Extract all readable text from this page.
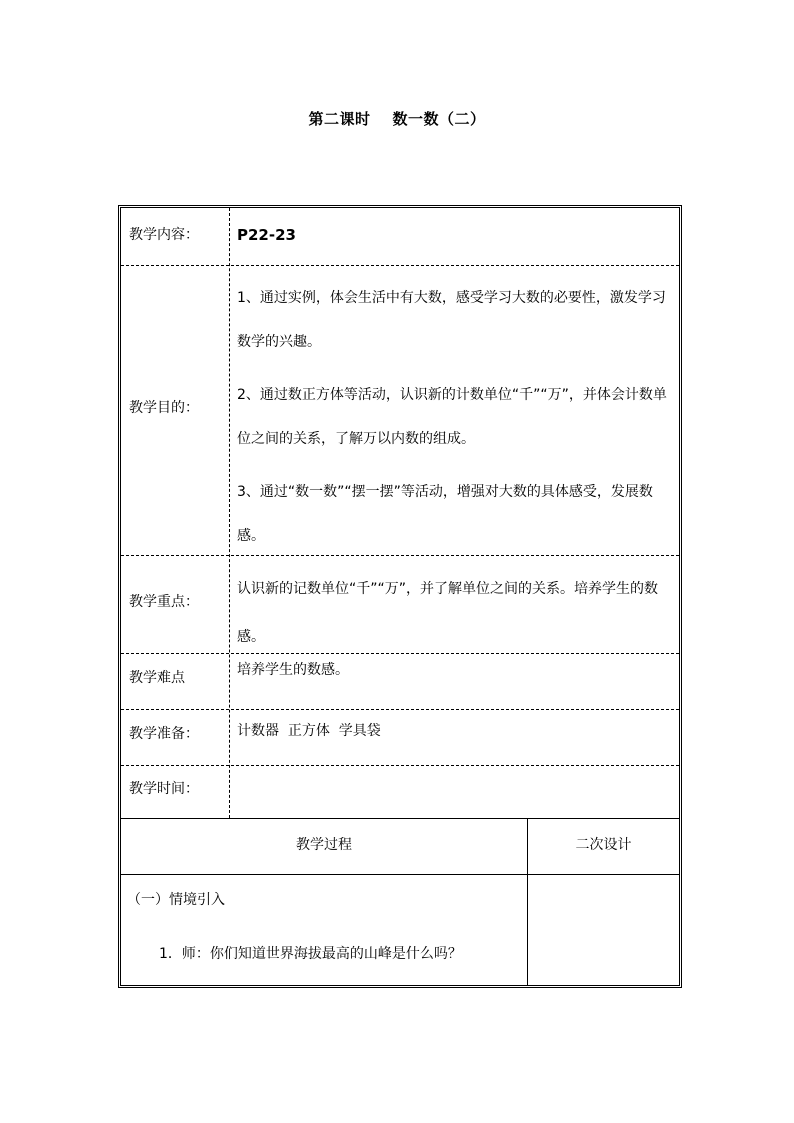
第二课时 数一数（二）
教学内容：	P22-23
教学目的：

1、通过实例，体会生活中有大数，感受学习大数的必要性，激发学习数学的兴趣。

2、通过数正方体等活动，认识新的计数单位“千”“万”，并体会计数单位之间的关系，了解万以内数的组成。

3、通过“数一数”“摆一摆”等活动，增强对大数的具体感受，发展数感。

教学重点：
认识新的记数单位“千”“万”，并了解单位之间的关系。培养学生的数感。
教学难点	培养学生的数感。
教学准备：	计数器  正方体  学具袋
教学时间：
教学过程	二次设计
（一）情境引入
1．师：你们知道世界海拔最高的山峰是什么吗？
